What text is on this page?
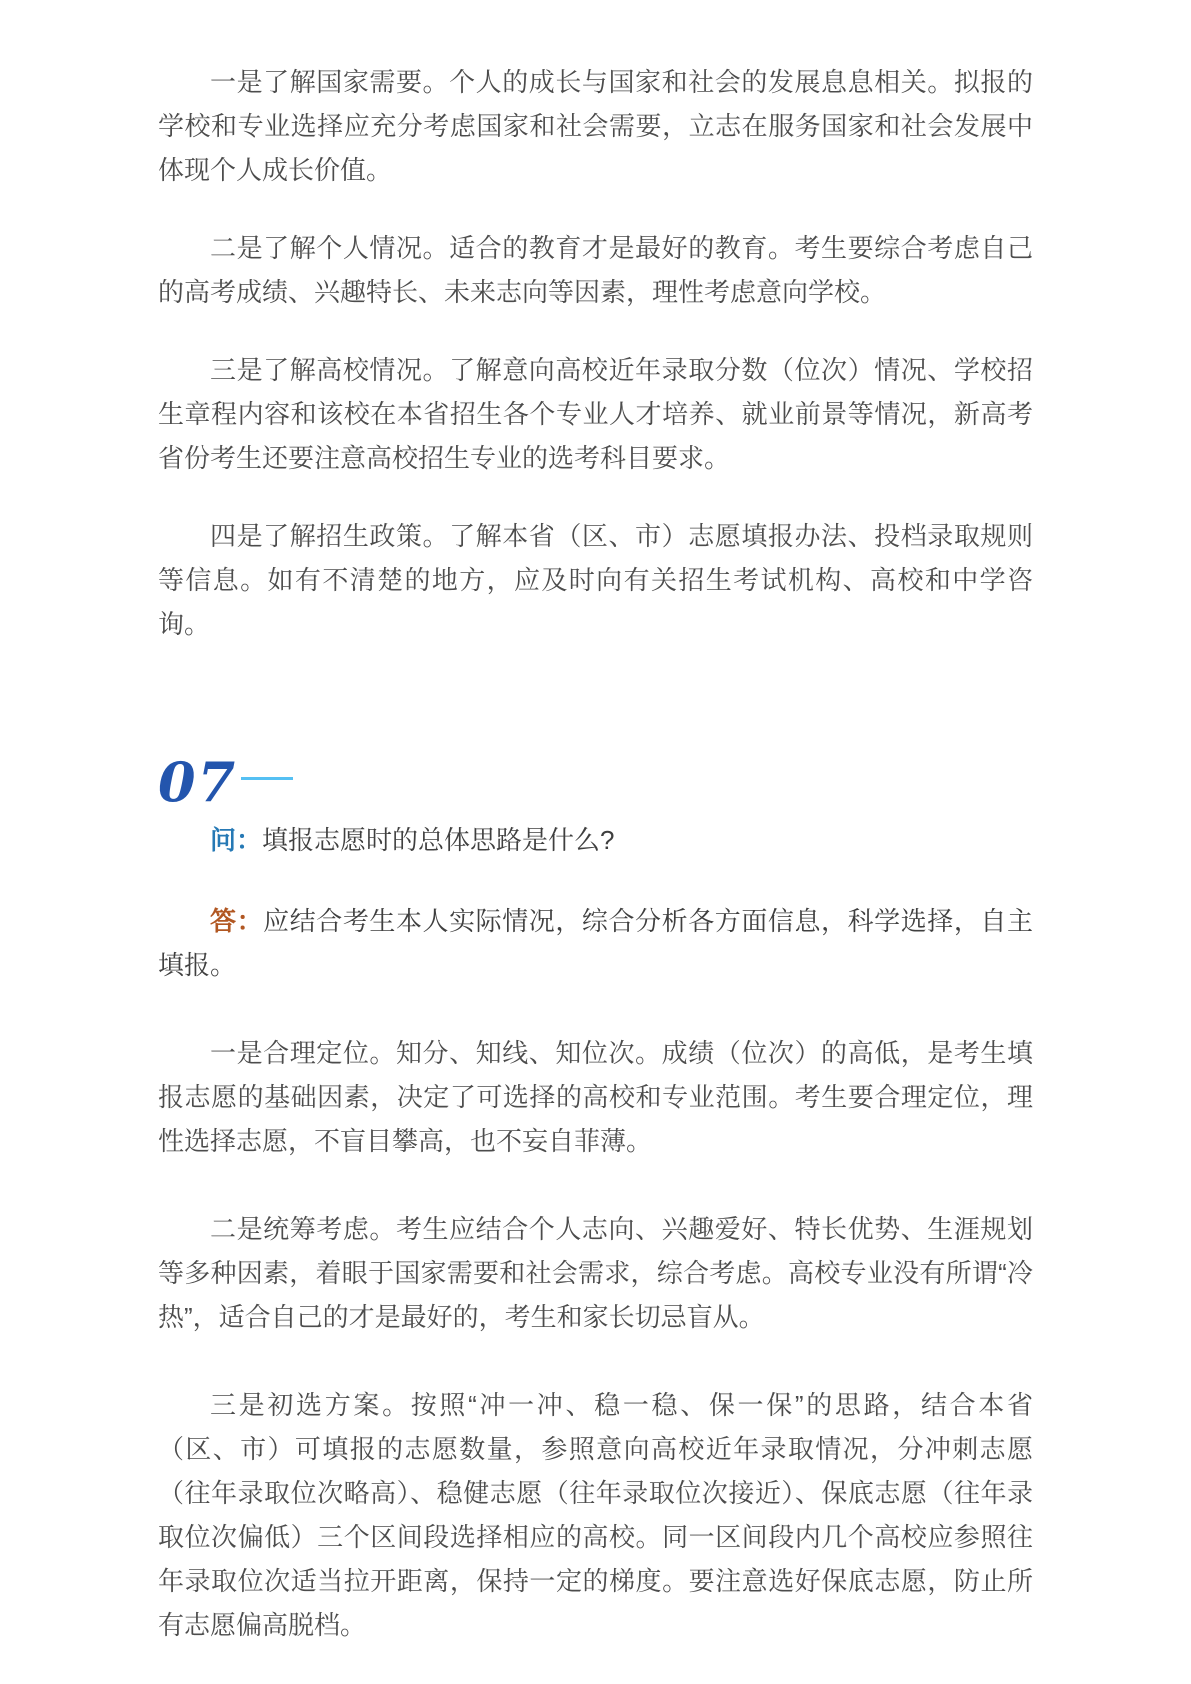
一是了解国家需要。个人的成长与国家和社会的发展息息相关。拟报的学校和专业选择应充分考虑国家和社会需要，立志在服务国家和社会发展中体现个人成长价值。

二是了解个人情况。适合的教育才是最好的教育。考生要综合考虑自己的高考成绩、兴趣特长、未来志向等因素，理性考虑意向学校。

三是了解高校情况。了解意向高校近年录取分数（位次）情况、学校招生章程内容和该校在本省招生各个专业人才培养、就业前景等情况，新高考省份考生还要注意高校招生专业的选考科目要求。

四是了解招生政策。了解本省（区、市）志愿填报办法、投档录取规则等信息。如有不清楚的地方，应及时向有关招生考试机构、高校和中学咨询。

07

问：填报志愿时的总体思路是什么?

答：应结合考生本人实际情况，综合分析各方面信息，科学选择，自主填报。

一是合理定位。知分、知线、知位次。成绩（位次）的高低，是考生填报志愿的基础因素，决定了可选择的高校和专业范围。考生要合理定位，理性选择志愿，不盲目攀高，也不妄自菲薄。

二是统筹考虑。考生应结合个人志向、兴趣爱好、特长优势、生涯规划等多种因素，着眼于国家需要和社会需求，综合考虑。高校专业没有所谓“冷热”，适合自己的才是最好的，考生和家长切忌盲从。

三是初选方案。按照“冲一冲、稳一稳、保一保”的思路，结合本省（区、市）可填报的志愿数量，参照意向高校近年录取情况，分冲刺志愿（往年录取位次略高）、稳健志愿（往年录取位次接近）、保底志愿（往年录取位次偏低）三个区间段选择相应的高校。同一区间段内几个高校应参照往年录取位次适当拉开距离，保持一定的梯度。要注意选好保底志愿，防止所有志愿偏高脱档。
